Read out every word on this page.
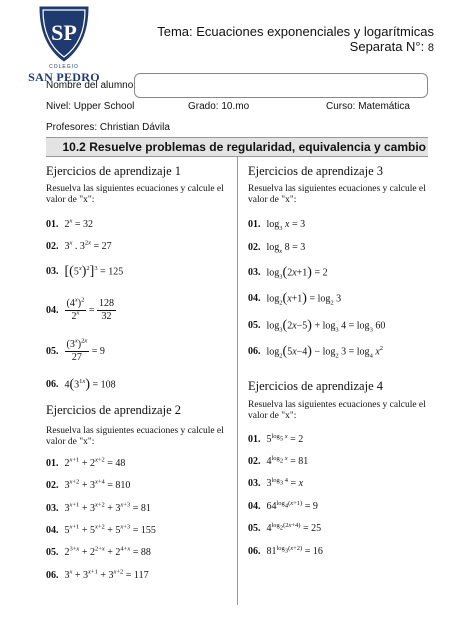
SP
COLEGIO
SAN PEDRO
Tema: Ecuaciones exponenciales y logarítmicas
Separata N°: 8
Nombre del alumno:
Nivel: Upper School	Grado: 10.mo	Curso: Matemática
Profesores: Christian Dávila
10.2 Resuelve problemas de regularidad, equivalencia y cambio
Ejercicios de aprendizaje 1
Resuelva las siguientes ecuaciones y calcule el valor de "x":
01. $2^x = 32$
02. 3$^x$ . $3^{2x} = 27$
03. $[(5^x)^2]^3 = 125$
04. $\frac{(4^x)^2}{2^x} = \frac{128}{32}$
05. $\frac{(3^x)^{2x}}{27} = 9$
06. $4(3^{1x}) = 108$
Ejercicios de aprendizaje 2
Resuelva las siguientes ecuaciones y calcule el valor de "x":
01. $2^{x+1} + 2^{x+2} = 48$
02. $3^{x+2} + 3^{x+4} = 810$
03. $3^{x+1} + 3^{x+2} + 3^{x+3} = 81$
04. $5^{x+1} + 5^{x+2} + 5^{x+3} = 155$
05. $2^{3+x} + 2^{2+x} + 2^{4+x} = 88$
06. $3^x + 3^{x+1} + 3^{x+2} = 117$
Ejercicios de aprendizaje 3
Resuelva las siguientes ecuaciones y calcule el valor de "x":
01. $\log_3 x = 3$
02. $\log_x 8 = 3$
03. $\log_3(2x+1) = 2$
04. $\log_2(x+1) = \log_2 3$
05. $\log_3(2x-5) + \log_3 4 = \log_3 60$
06. $\log_2(5x-4) - \log_2 3 = \log_4 x^2$
Ejercicios de aprendizaje 4
Resuelva las siguientes ecuaciones y calcule el valor de "x":
01. $5^{log_5 x} = 2$
02. $4^{log_2 x} = 81$
03. $3^{log_3 4} = x$
04. $64^{log_4(x+1)} = 9$
05. $4^{log_2(2x+4)} = 25$
06. $81^{log_3(x+2)} = 16$
